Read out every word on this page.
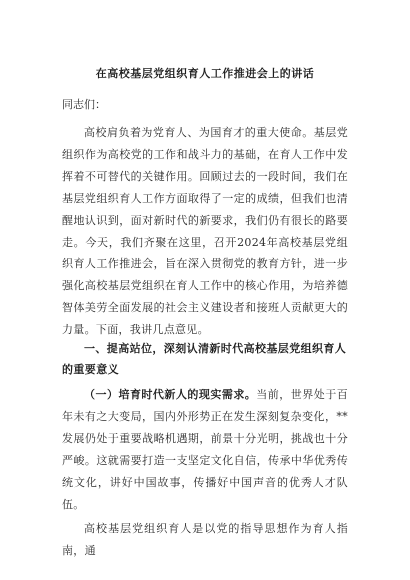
在高校基层党组织育人工作推进会上的讲话
同志们：
高校肩负着为党育人、为国育才的重大使命。基层党组织作为高校党的工作和战斗力的基础，在育人工作中发挥着不可替代的关键作用。回顾过去的一段时间，我们在基层党组织育人工作方面取得了一定的成绩，但我们也清醒地认识到，面对新时代的新要求，我们仍有很长的路要走。今天，我们齐聚在这里，召开2024年高校基层党组织育人工作推进会，旨在深入贯彻党的教育方针，进一步强化高校基层党组织在育人工作中的核心作用，为培养德智体美劳全面发展的社会主义建设者和接班人贡献更大的力量。下面，我讲几点意见。
一、提高站位，深刻认清新时代高校基层党组织育人的重要意义
（一）培育时代新人的现实需求。当前，世界处于百年未有之大变局，国内外形势正在发生深刻复杂变化，**发展仍处于重要战略机遇期，前景十分光明，挑战也十分严峻。这就需要打造一支坚定文化自信，传承中华优秀传统文化，讲好中国故事，传播好中国声音的优秀人才队伍。
高校基层党组织育人是以党的指导思想作为育人指南，通
